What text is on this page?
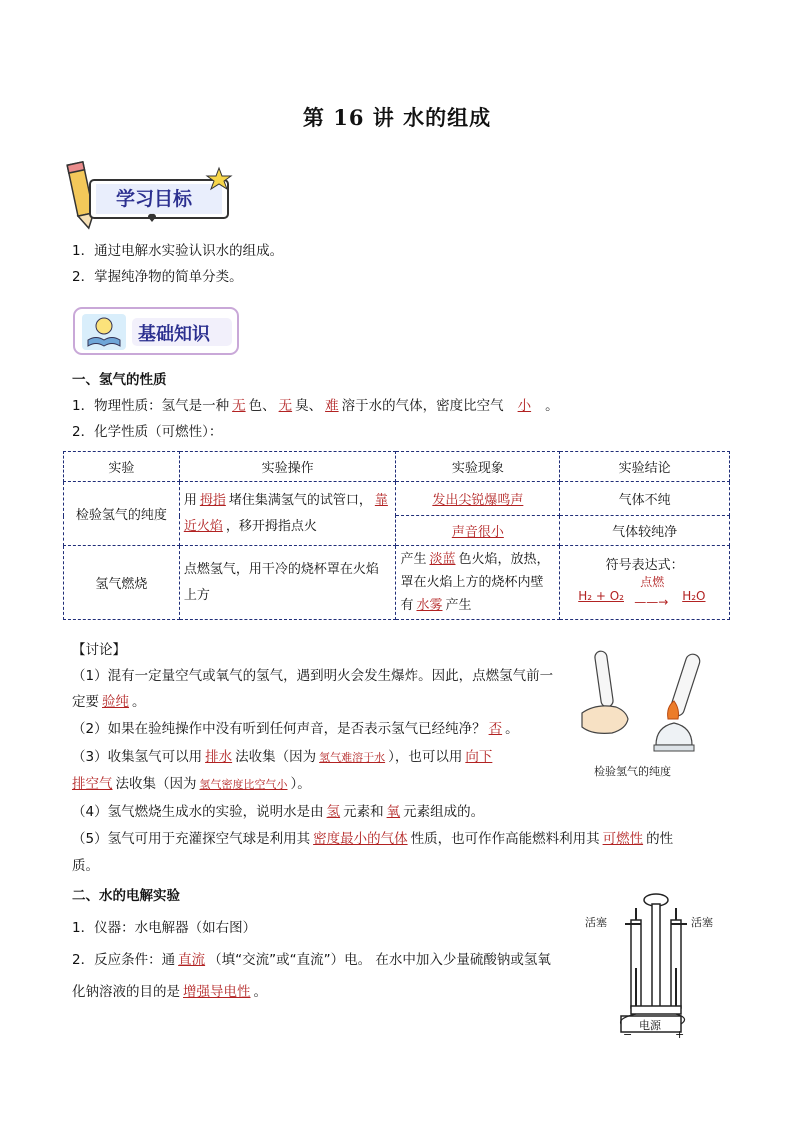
第 16 讲 水的组成
学习目标
1．通过电解水实验认识水的组成。
2．掌握纯净物的简单分类。
基础知识
一、氢气的性质
1．物理性质：氢气是一种 无 色、 无 臭、 难 溶于水的气体，密度比空气 小 。
2．化学性质（可燃性）：
实验	实验操作	实验现象	实验结论
检验氢气的纯度	用 拇指 堵住集满氢气的试管口， 靠近火焰 ，移开拇指点火	发出尖锐爆鸣声	气体不纯
		声音很小	气体较纯净
氢气燃烧	点燃氢气，用干冷的烧杯罩在火焰上方	产生 淡蓝 色火焰，放热，罩在火焰上方的烧杯内壁有 水雾 产生	符号表达式：
H₂ + O₂
点燃
——→ H₂O
【讨论】
（1）混有一定量空气或氧气的氢气，遇到明火会发生爆炸。因此，点燃氢气前一
定要 验纯 。
（2）如果在验纯操作中没有听到任何声音，是否表示氢气已经纯净？ 否 。
（3）收集氢气可以用 排水 法收集（因为 氢气难溶于水 ），也可以用 向下
排空气 法收集（因为 氢气密度比空气小 ）。
（4）氢气燃烧生成水的实验，说明水是由 氢 元素和 氧 元素组成的。
（5）氢气可用于充灌探空气球是利用其 密度最小的气体 性质，也可作作高能燃料利用其 可燃性 的性
质。
检验氢气的纯度
二、水的电解实验
1．仪器：水电解器（如右图）
2．反应条件：通 直流 （填“交流”或“直流”）电。 在水中加入少量硫酸钠或氢氧
化钠溶液的目的是 增强导电性 。
活塞	活塞
电源
−	+
